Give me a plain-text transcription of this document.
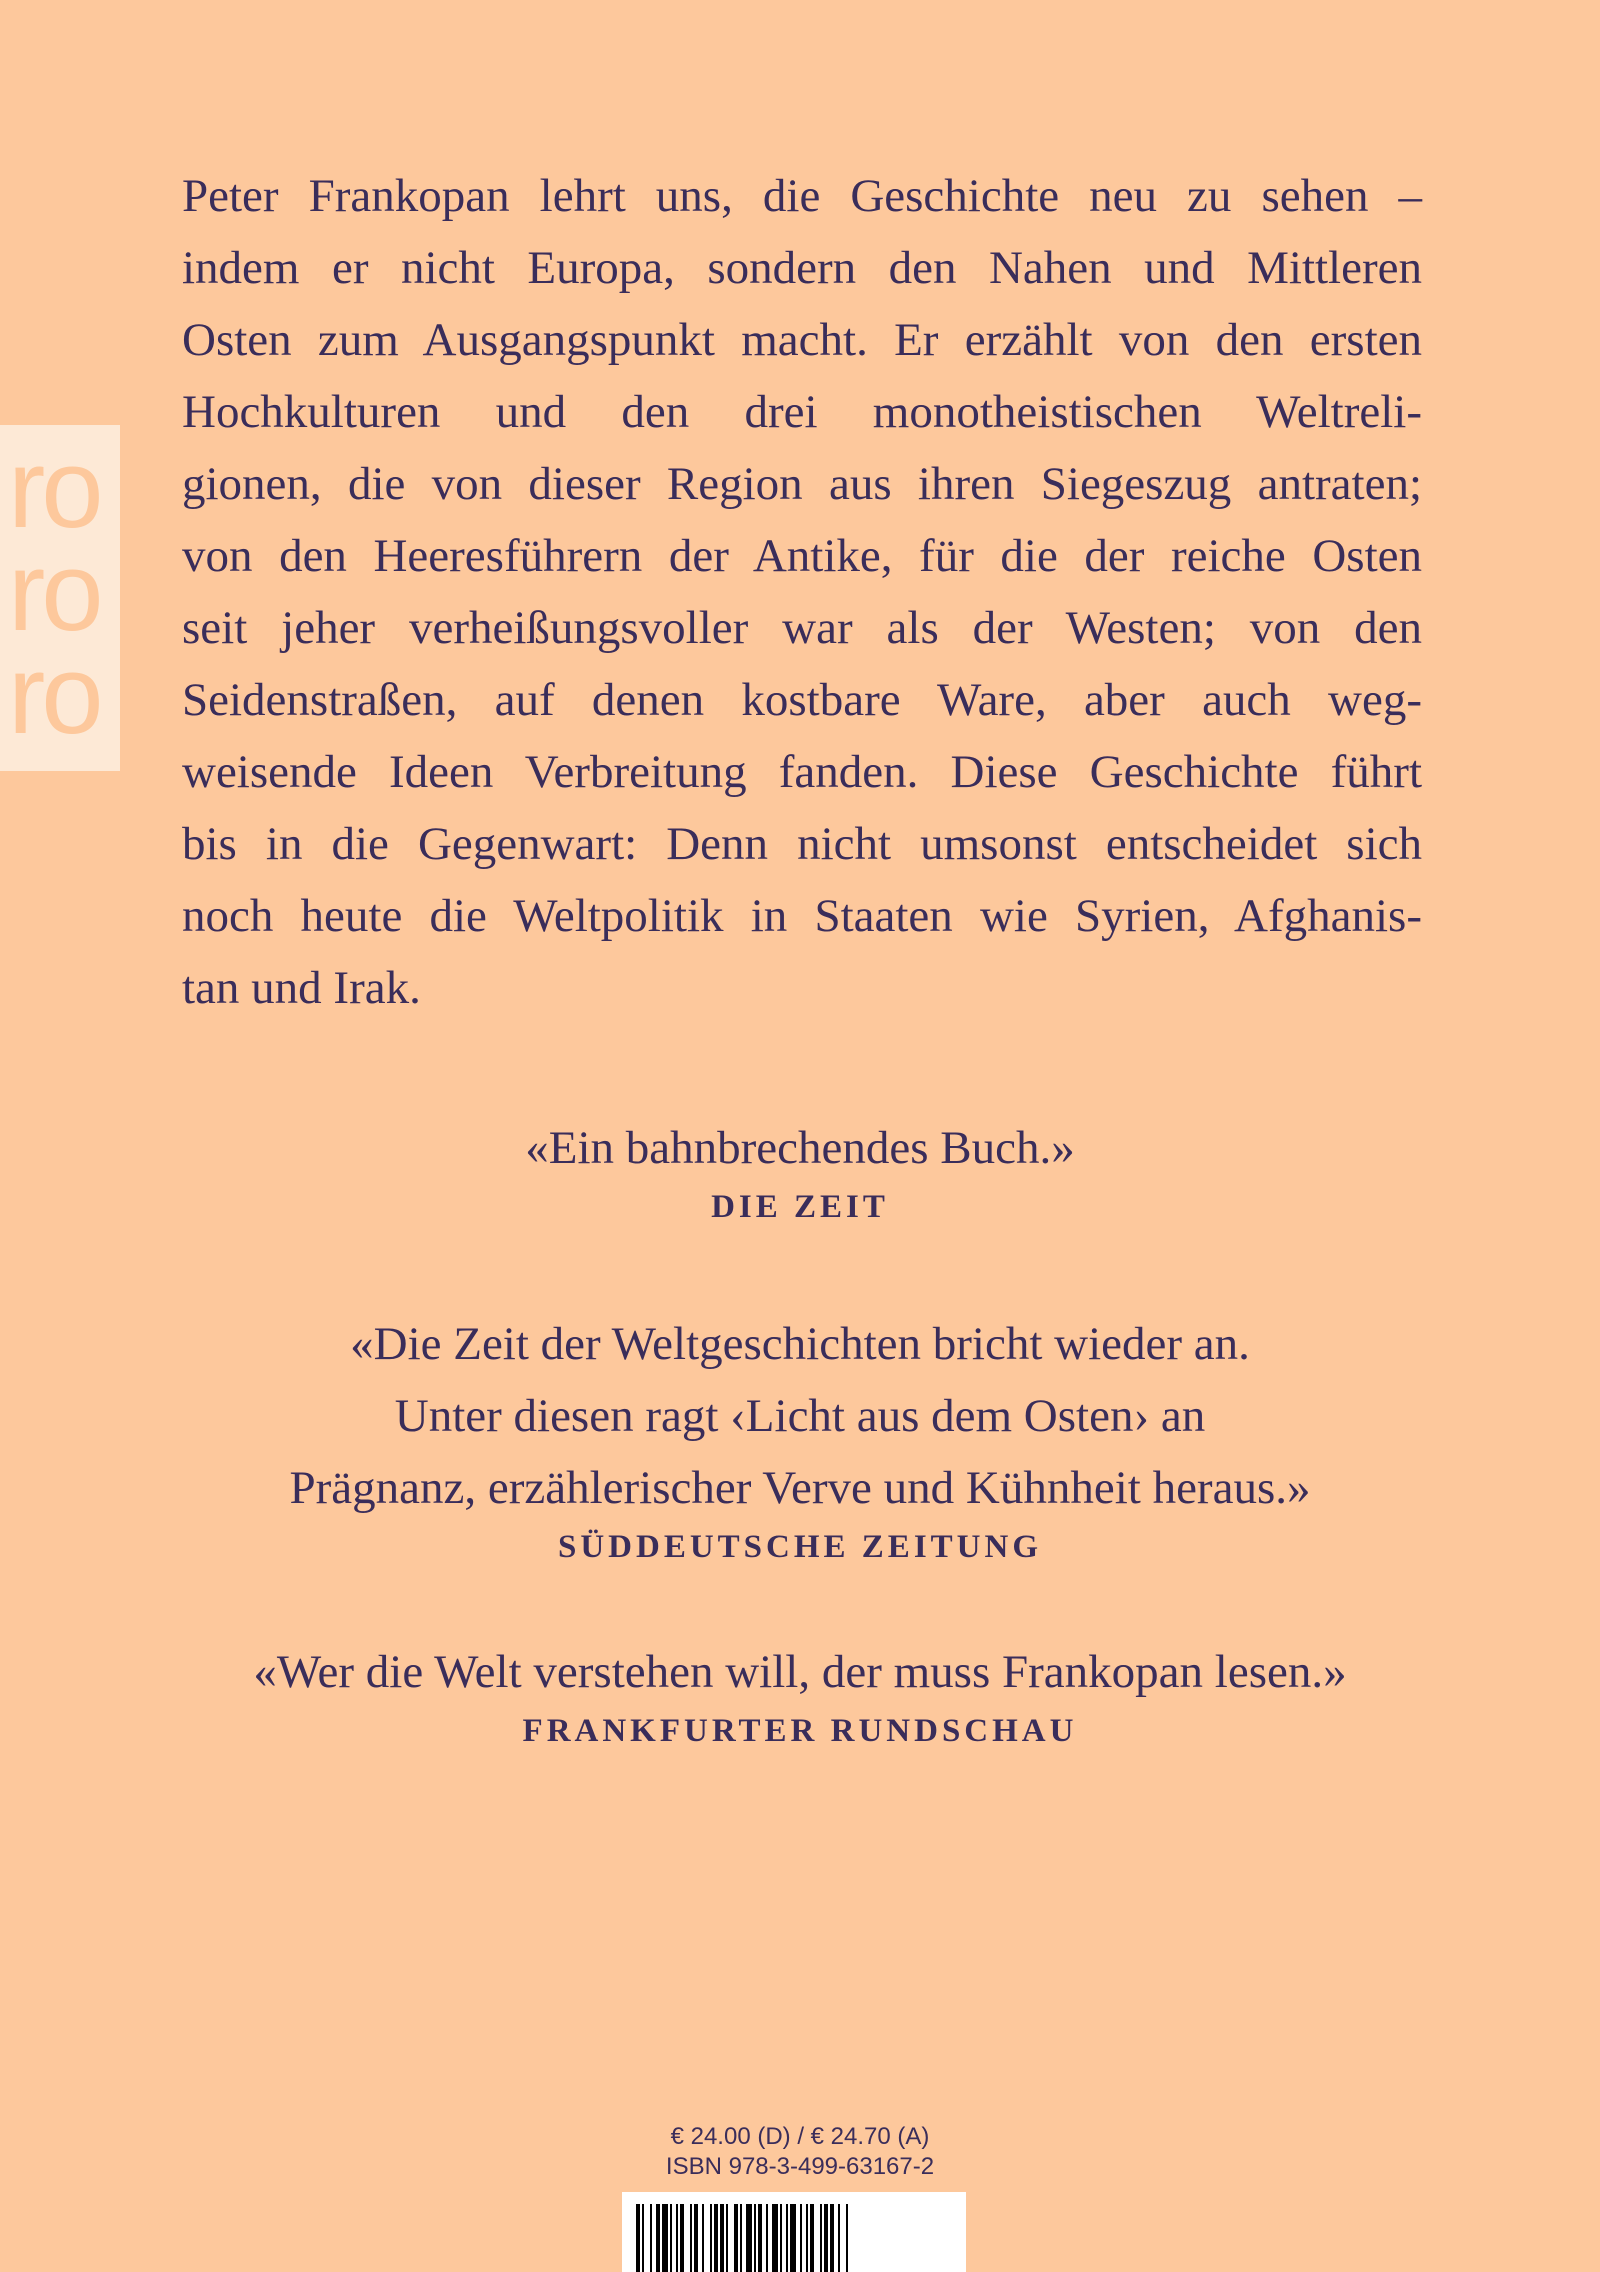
ro
ro
ro
Peter Frankopan lehrt uns, die Geschichte neu zu sehen –
indem er nicht Europa, sondern den Nahen und Mittleren
Osten zum Ausgangspunkt macht. Er erzählt von den ersten
Hochkulturen und den drei monotheistischen Weltreli-
gionen, die von dieser Region aus ihren Siegeszug antraten;
von den Heeresführern der Antike, für die der reiche Osten
seit jeher verheißungsvoller war als der Westen; von den
Seidenstraßen, auf denen kostbare Ware, aber auch weg-
weisende Ideen Verbreitung fanden. Diese Geschichte führt
bis in die Gegenwart: Denn nicht umsonst entscheidet sich
noch heute die Weltpolitik in Staaten wie Syrien, Afghanis-
tan und Irak.
«Ein bahnbrechendes Buch.»
DIE ZEIT
«Die Zeit der Weltgeschichten bricht wieder an.
Unter diesen ragt ‹Licht aus dem Osten› an
Prägnanz, erzählerischer Verve und Kühnheit heraus.»
SÜDDEUTSCHE ZEITUNG
«Wer die Welt verstehen will, der muss Frankopan lesen.»
FRANKFURTER RUNDSCHAU
€ 24.00 (D) / € 24.70 (A)
ISBN 978-3-499-63167-2
